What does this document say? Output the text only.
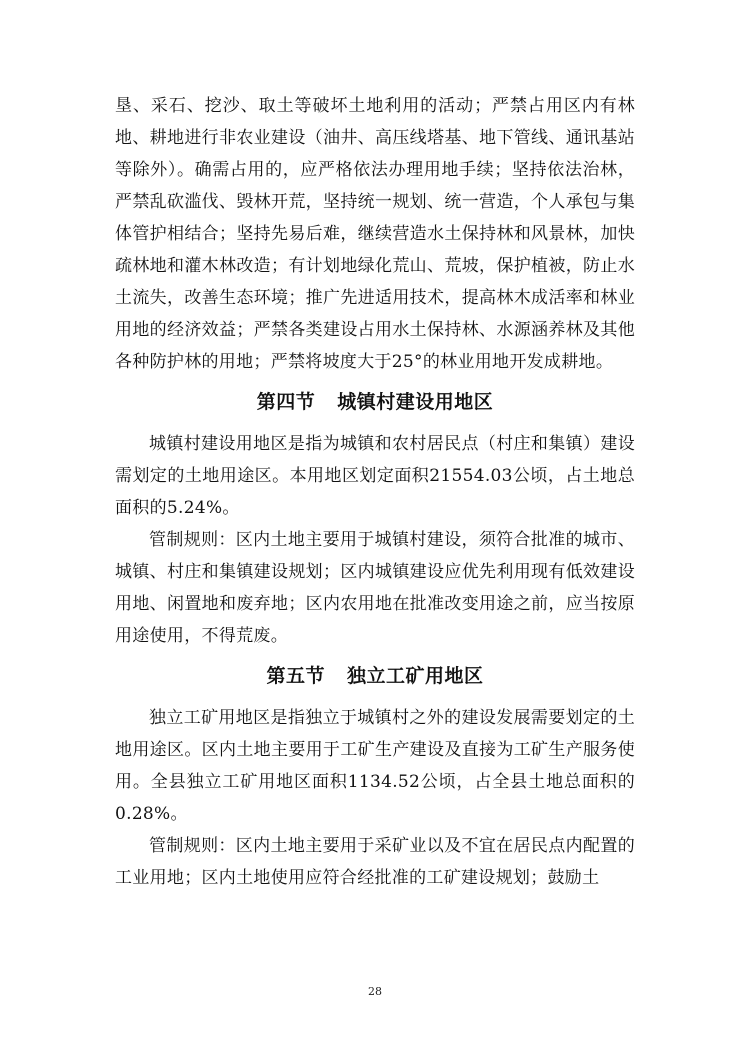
垦、采石、挖沙、取土等破坏土地利用的活动；严禁占用区内有林地、耕地进行非农业建设（油井、高压线塔基、地下管线、通讯基站等除外）。确需占用的，应严格依法办理用地手续；坚持依法治林，严禁乱砍滥伐、毁林开荒，坚持统一规划、统一营造，个人承包与集体管护相结合；坚持先易后难，继续营造水土保持林和风景林，加快疏林地和灌木林改造；有计划地绿化荒山、荒坡，保护植被，防止水土流失，改善生态环境；推广先进适用技术，提高林木成活率和林业用地的经济效益；严禁各类建设占用水土保持林、水源涵养林及其他各种防护林的用地；严禁将坡度大于25°的林业用地开发成耕地。

第四节 城镇村建设用地区

城镇村建设用地区是指为城镇和农村居民点（村庄和集镇）建设需划定的土地用途区。本用地区划定面积21554.03公顷，占土地总面积的5.24%。

管制规则：区内土地主要用于城镇村建设，须符合批准的城市、城镇、村庄和集镇建设规划；区内城镇建设应优先利用现有低效建设用地、闲置地和废弃地；区内农用地在批准改变用途之前，应当按原用途使用，不得荒废。

第五节 独立工矿用地区

独立工矿用地区是指独立于城镇村之外的建设发展需要划定的土地用途区。区内土地主要用于工矿生产建设及直接为工矿生产服务使用。全县独立工矿用地区面积1134.52公顷，占全县土地总面积的0.28%。

管制规则：区内土地主要用于采矿业以及不宜在居民点内配置的工业用地；区内土地使用应符合经批准的工矿建设规划；鼓励土

28
